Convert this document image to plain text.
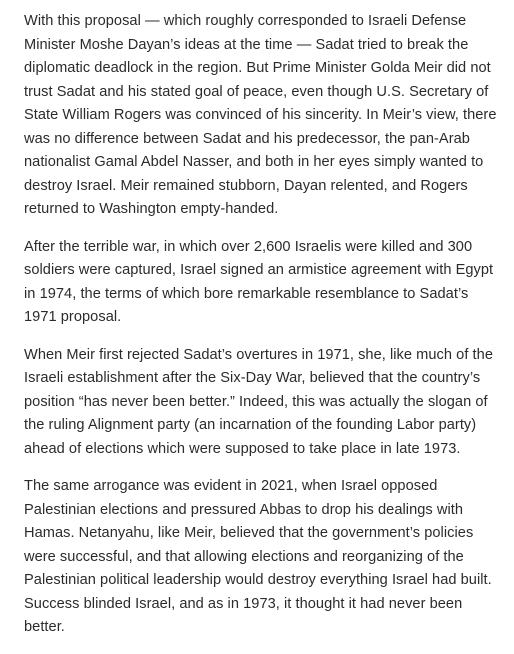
With this proposal — which roughly corresponded to Israeli Defense Minister Moshe Dayan’s ideas at the time — Sadat tried to break the diplomatic deadlock in the region. But Prime Minister Golda Meir did not trust Sadat and his stated goal of peace, even though U.S. Secretary of State William Rogers was convinced of his sincerity. In Meir’s view, there was no difference between Sadat and his predecessor, the pan-Arab nationalist Gamal Abdel Nasser, and both in her eyes simply wanted to destroy Israel. Meir remained stubborn, Dayan relented, and Rogers returned to Washington empty-handed.

After the terrible war, in which over 2,600 Israelis were killed and 300 soldiers were captured, Israel signed an armistice agreement with Egypt in 1974, the terms of which bore remarkable resemblance to Sadat’s 1971 proposal.

When Meir first rejected Sadat’s overtures in 1971, she, like much of the Israeli establishment after the Six-Day War, believed that the country’s position “has never been better.” Indeed, this was actually the slogan of the ruling Alignment party (an incarnation of the founding Labor party) ahead of elections which were supposed to take place in late 1973.

The same arrogance was evident in 2021, when Israel opposed Palestinian elections and pressured Abbas to drop his dealings with Hamas. Netanyahu, like Meir, believed that the government’s policies were successful, and that allowing elections and reorganizing of the Palestinian political leadership would destroy everything Israel had built. Success blinded Israel, and as in 1973, it thought it had never been better.
